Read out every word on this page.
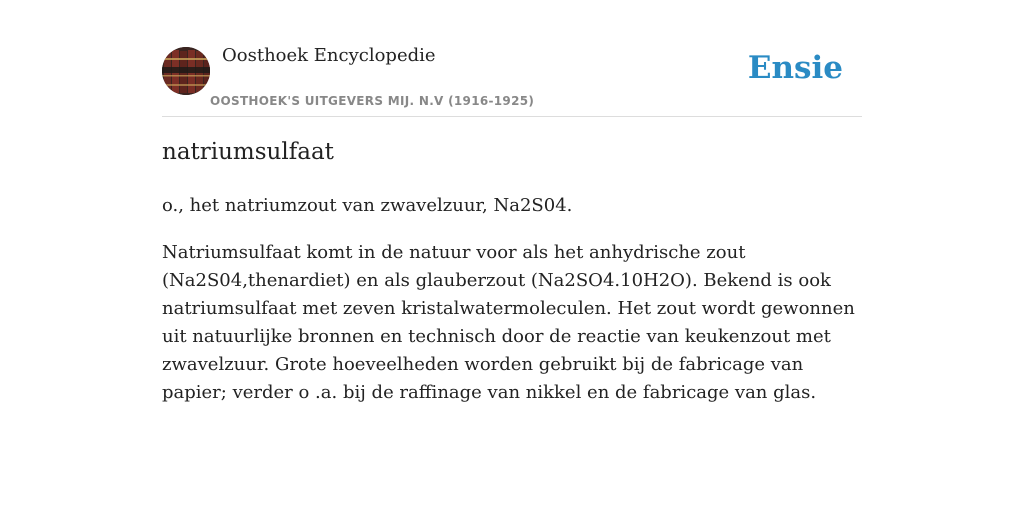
Oosthoek Encyclopedie
OOSTHOEK'S UITGEVERS MIJ. N.V (1916-1925)
Ensie
natriumsulfaat

o., het natriumzout van zwavelzuur, Na2S04.

Natriumsulfaat komt in de natuur voor als het anhydrische zout (Na2S04,thenardiet) en als glauberzout (Na2SO4.10H2O). Bekend is ook natriumsulfaat met zeven kristalwatermoleculen. Het zout wordt gewonnen uit natuurlijke bronnen en technisch door de reactie van keukenzout met zwavelzuur. Grote hoeveelheden worden gebruikt bij de fabricage van papier; verder o .a. bij de raffinage van nikkel en de fabricage van glas.
